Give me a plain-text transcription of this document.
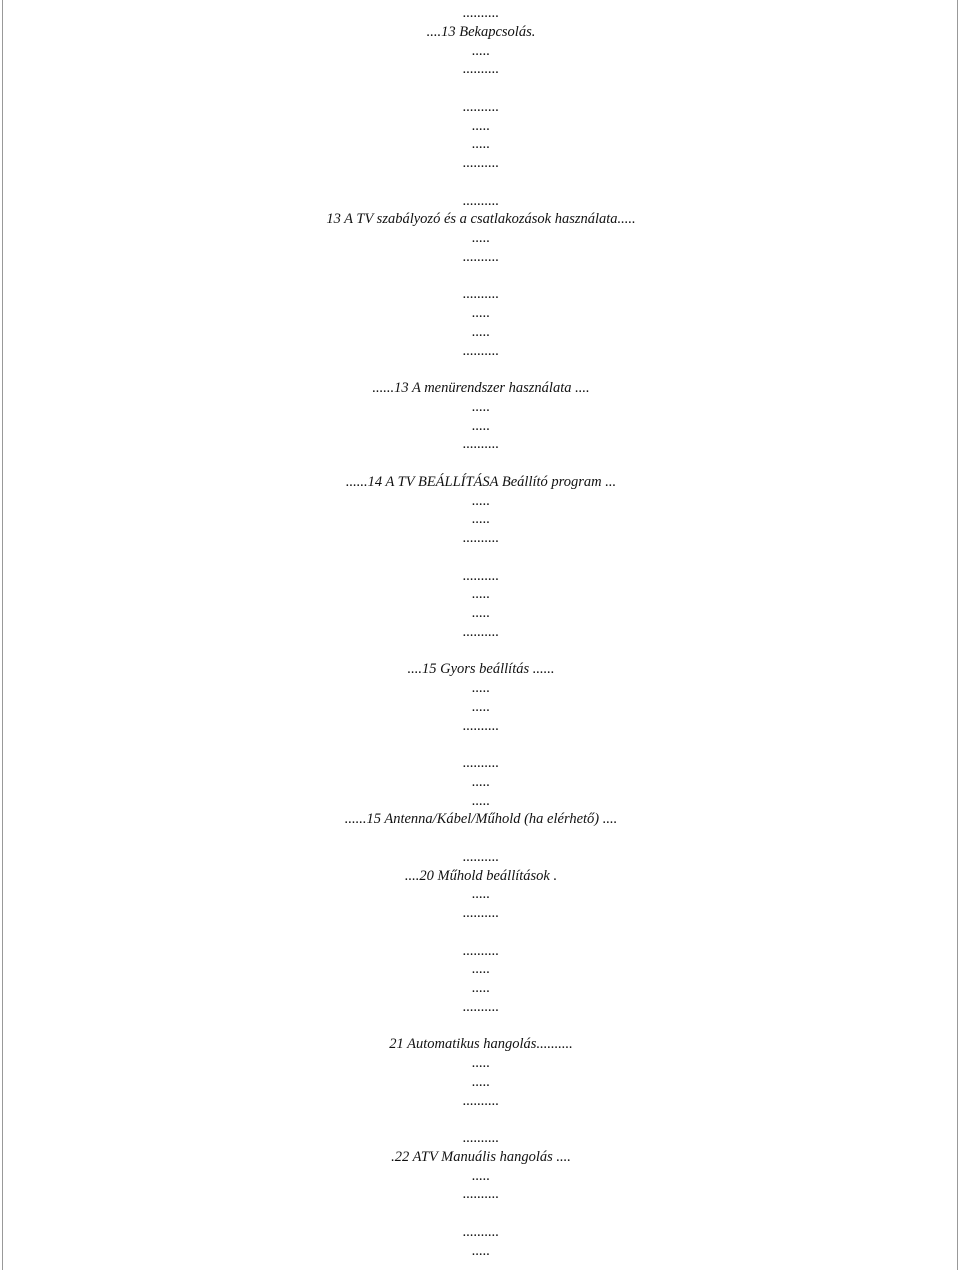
..........
....13 Bekapcsolás.
.....
..........
..........
.....
.....
..........
..........
13 A TV szabályozó és a csatlakozások használata.....
.....
..........
..........
.....
.....
..........
......13 A menürendszer használata ....
.....
.....
..........
......14 A TV BEÁLLÍTÁSA Beállító program ...
.....
.....
..........
..........
.....
.....
..........
....15 Gyors beállítás ......
.....
.....
..........
..........
.....
.....
......15 Antenna/Kábel/Műhold (ha elérhető) ....
..........
....20 Műhold beállítások .
.....
..........
..........
.....
.....
..........
21 Automatikus hangolás..........
.....
.....
..........
..........
.22 ATV Manuális hangolás ....
.....
..........
..........
.....
